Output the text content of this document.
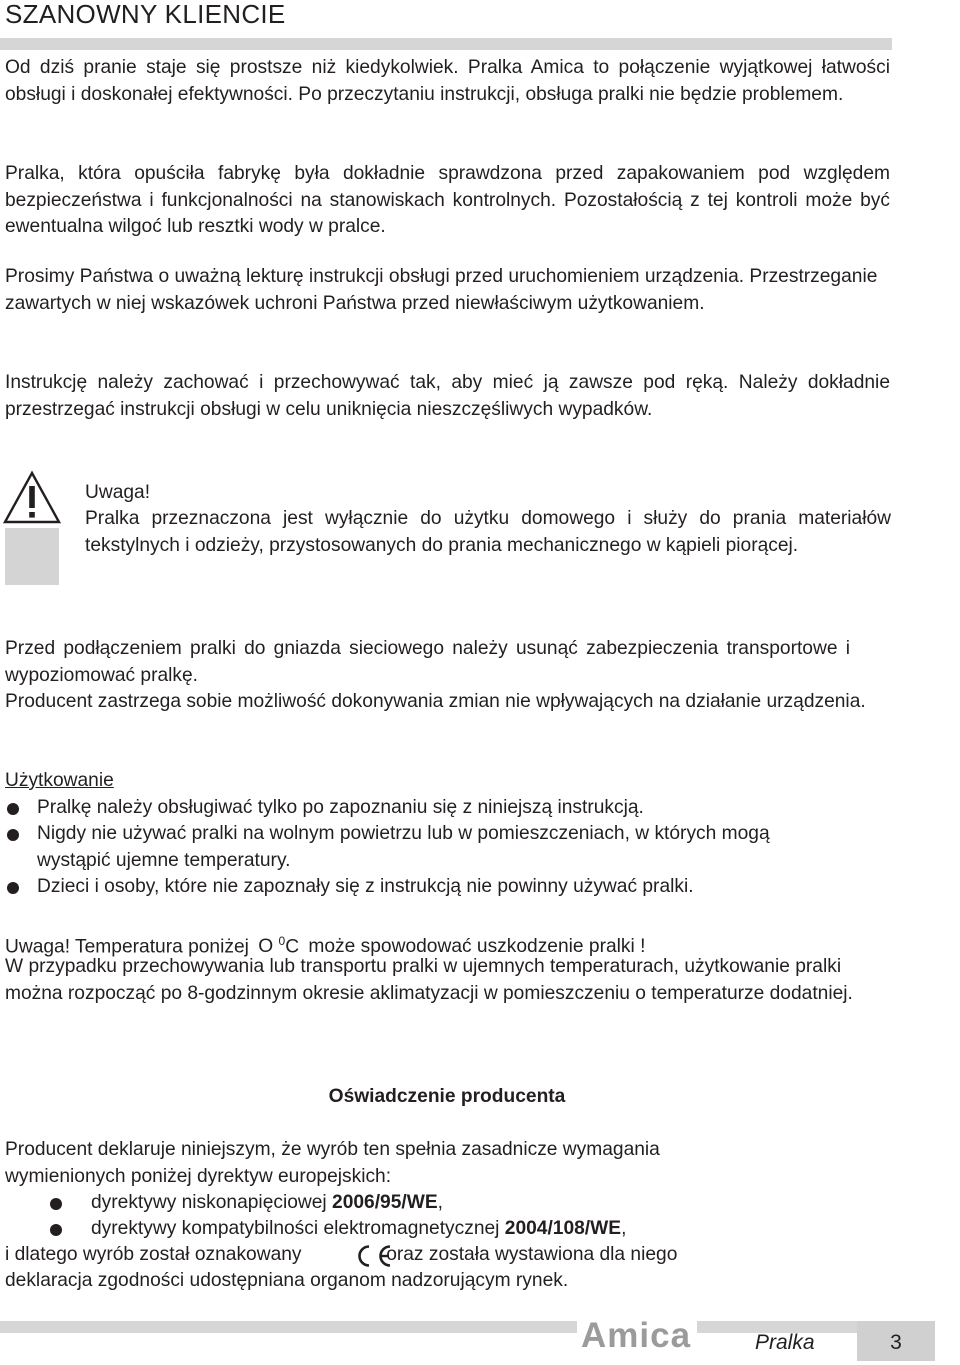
SZANOWNY KLIENCIE

Od dziś pranie staje się prostsze niż kiedykolwiek. Pralka Amica to połączenie wyjątkowej łatwości obsługi i doskonałej efektywności. Po przeczytaniu instrukcji, obsługa pralki nie będzie problemem.

Pralka, która opuściła fabrykę była dokładnie sprawdzona przed zapakowaniem pod względem bezpieczeństwa i funkcjonalności na stanowiskach kontrolnych. Pozostałością z tej kontroli może być ewentualna wilgoć lub resztki wody w pralce.

Prosimy Państwa o uważną lekturę instrukcji obsługi przed uruchomieniem urządzenia. Przestrzeganie zawartych w niej wskazówek uchroni Państwa przed niewłaściwym użytkowaniem.

Instrukcję należy zachować i przechowywać tak, aby mieć ją zawsze pod ręką. Należy dokładnie przestrzegać instrukcji obsługi w celu uniknięcia nieszczęśliwych wypadków.

Uwaga!

Pralka przeznaczona jest wyłącznie do użytku domowego i służy do prania materiałów tekstylnych i odzieży, przystosowanych do prania mechanicznego w kąpieli piorącej.

Przed podłączeniem pralki do gniazda sieciowego należy usunąć zabezpieczenia transportowe i wypoziomować pralkę.

Producent zastrzega sobie możliwość dokonywania zmian nie wpływających na działanie urządzenia.

Użytkowanie
Pralkę należy obsługiwać tylko po zapoznaniu się z niniejszą instrukcją.
Nigdy nie używać pralki na wolnym powietrzu lub w pomieszczeniach, w których mogą wystąpić ujemne temperatury.
Dzieci i osoby, które nie zapoznały się z instrukcją nie powinny używać pralki.
Uwaga! Temperatura poniżej O $^0$C może spowodować uszkodzenie pralki !

W przypadku przechowywania lub transportu pralki w ujemnych temperaturach, użytkowanie pralki można rozpocząć po 8-godzinnym okresie aklimatyzacji w pomieszczeniu o temperaturze dodatniej.

Oświadczenie producenta

Producent deklaruje niniejszym, że wyrób ten spełnia zasadnicze wymagania wymienionych poniżej dyrektyw europejskich:

dyrektywy niskonapięciowej 2006/95/WE,
dyrektywy kompatybilności elektromagnetycznej 2004/108/WE,
i dlatego wyrób został oznakowany	oraz została wystawiona dla niego
deklaracja zgodności udostępniana organom nadzorującym rynek.
Amica	Pralka	3
